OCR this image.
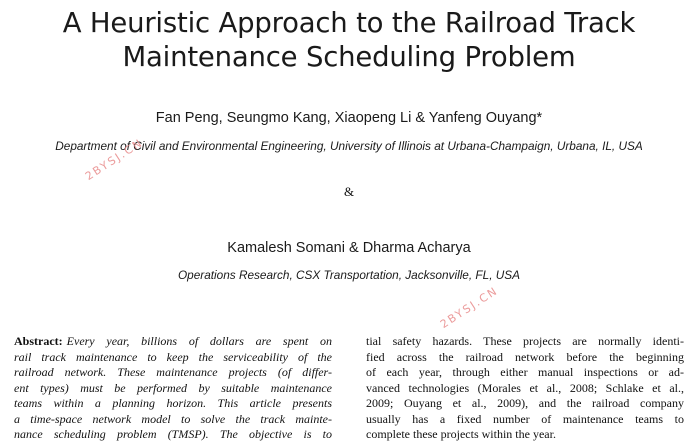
A Heuristic Approach to the Railroad Track
Maintenance Scheduling Problem
Fan Peng, Seungmo Kang, Xiaopeng Li & Yanfeng Ouyang*
Department of Civil and Environmental Engineering, University of Illinois at Urbana-Champaign, Urbana, IL, USA
&
Kamalesh Somani & Dharma Acharya
Operations Research, CSX Transportation, Jacksonville, FL, USA
Abstract: Every year, billions of dollars are spent on
rail track maintenance to keep the serviceability of the
railroad network. These maintenance projects (of differ-
ent types) must be performed by suitable maintenance
teams within a planning horizon. This article presents
a time-space network model to solve the track mainte-
nance scheduling problem (TMSP). The objective is to
tial safety hazards. These projects are normally identi-
fied across the railroad network before the beginning
of each year, through either manual inspections or ad-
vanced technologies (Morales et al., 2008; Schlake et al.,
2009; Ouyang et al., 2009), and the railroad company
usually has a fixed number of maintenance teams to
complete these projects within the year.
2BYSJ.CN
2BYSJ.CN
